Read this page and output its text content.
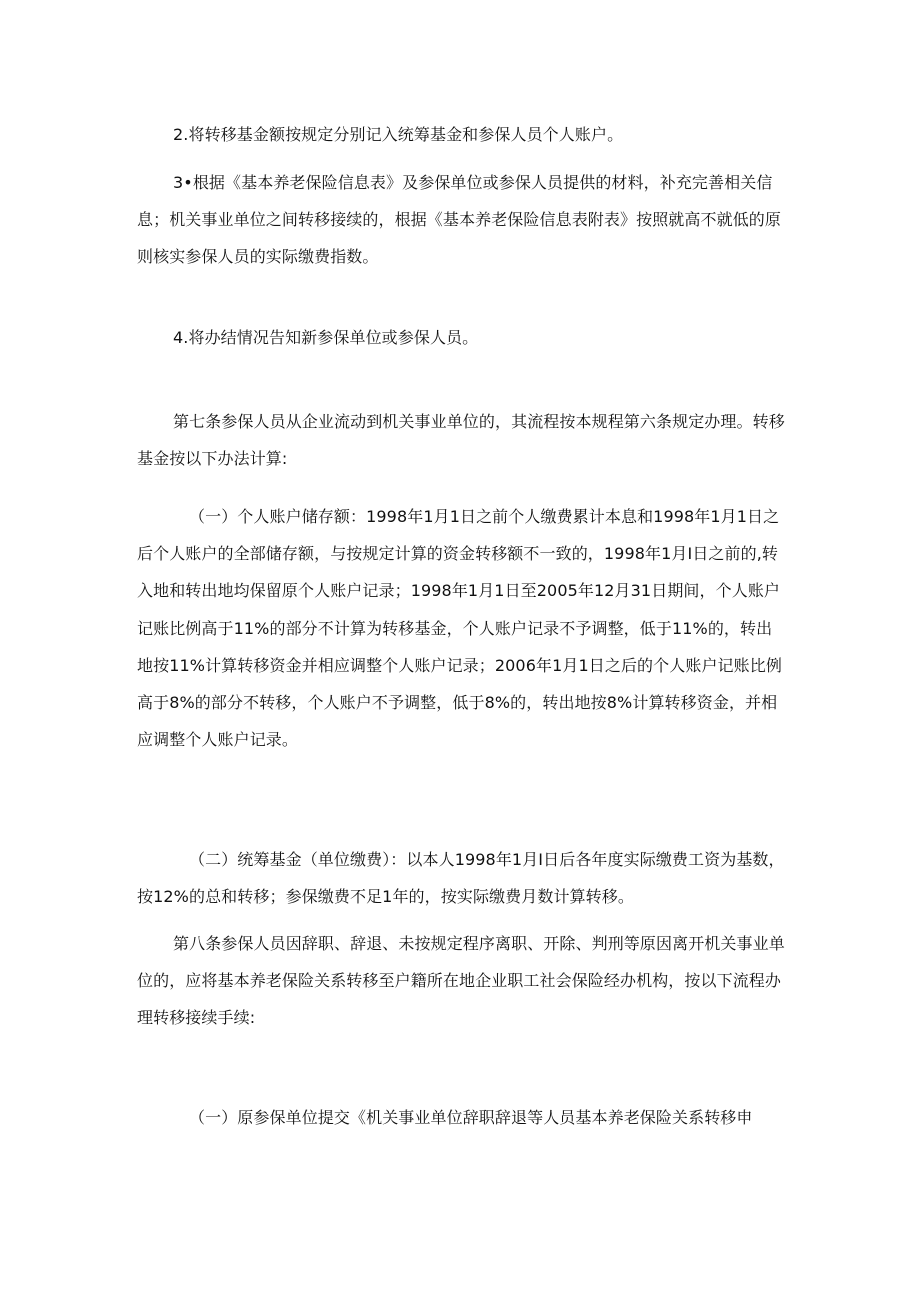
2.将转移基金额按规定分别记入统筹基金和参保人员个人账户。

3•根据《基本养老保险信息表》及参保单位或参保人员提供的材料，补充完善相关信息；机关事业单位之间转移接续的，根据《基本养老保险信息表附表》按照就高不就低的原则核实参保人员的实际缴费指数。

4.将办结情况告知新参保单位或参保人员。

第七条参保人员从企业流动到机关事业单位的，其流程按本规程第六条规定办理。转移基金按以下办法计算:

（一）个人账户储存额：1998年1月1日之前个人缴费累计本息和1998年1月1日之后个人账户的全部储存额，与按规定计算的资金转移额不一致的，1998年1月I日之前的,转入地和转出地均保留原个人账户记录；1998年1月1日至2005年12月31日期间，个人账户记账比例高于11%的部分不计算为转移基金，个人账户记录不予调整，低于11%的，转出地按11%计算转移资金并相应调整个人账户记录；2006年1月1日之后的个人账户记账比例高于8%的部分不转移，个人账户不予调整，低于8%的，转出地按8%计算转移资金，并相应调整个人账户记录。

（二）统筹基金（单位缴费）：以本人1998年1月I日后各年度实际缴费工资为基数，按12%的总和转移；参保缴费不足1年的，按实际缴费月数计算转移。

第八条参保人员因辞职、辞退、未按规定程序离职、开除、判刑等原因离开机关事业单位的，应将基本养老保险关系转移至户籍所在地企业职工社会保险经办机构，按以下流程办理转移接续手续:

（一）原参保单位提交《机关事业单位辞职辞退等人员基本养老保险关系转移申
